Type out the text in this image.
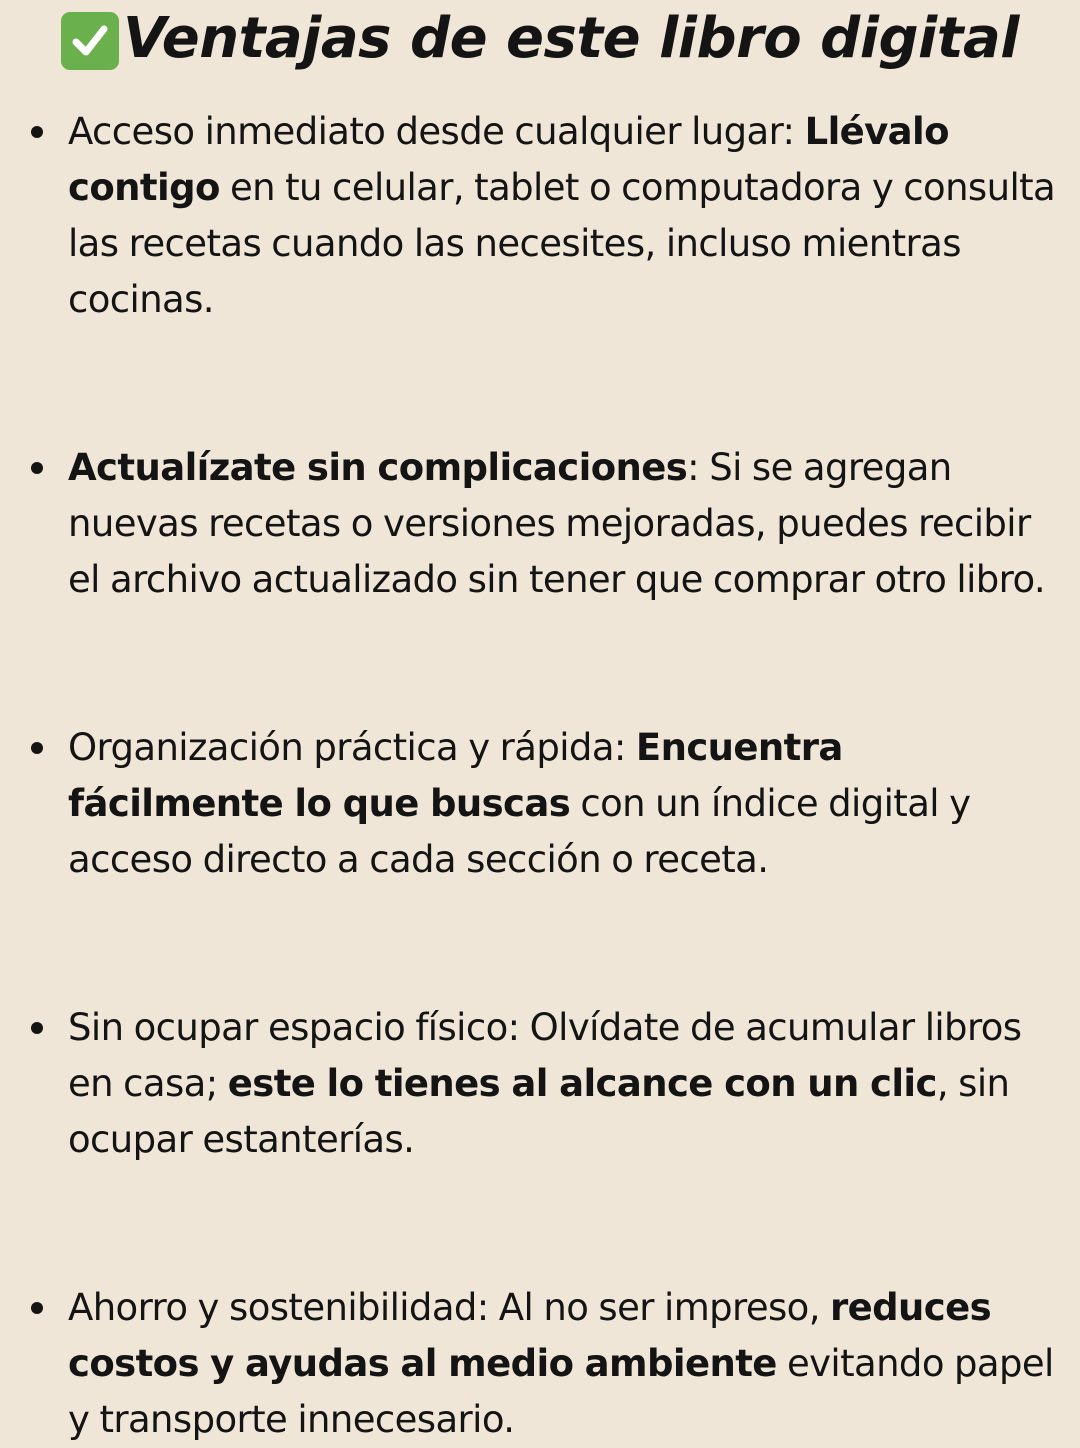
Ventajas de este libro digital
Acceso inmediato desde cualquier lugar: Llévalo contigo en tu celular, tablet o computadora y consulta las recetas cuando las necesites, incluso mientras cocinas.
Actualízate sin complicaciones: Si se agregan nuevas recetas o versiones mejoradas, puedes recibir el archivo actualizado sin tener que comprar otro libro.
Organización práctica y rápida: Encuentra fácilmente lo que buscas con un índice digital y acceso directo a cada sección o receta.
Sin ocupar espacio físico: Olvídate de acumular libros en casa; este lo tienes al alcance con un clic, sin ocupar estanterías.
Ahorro y sostenibilidad: Al no ser impreso, reduces costos y ayudas al medio ambiente evitando papel y transporte innecesario.
